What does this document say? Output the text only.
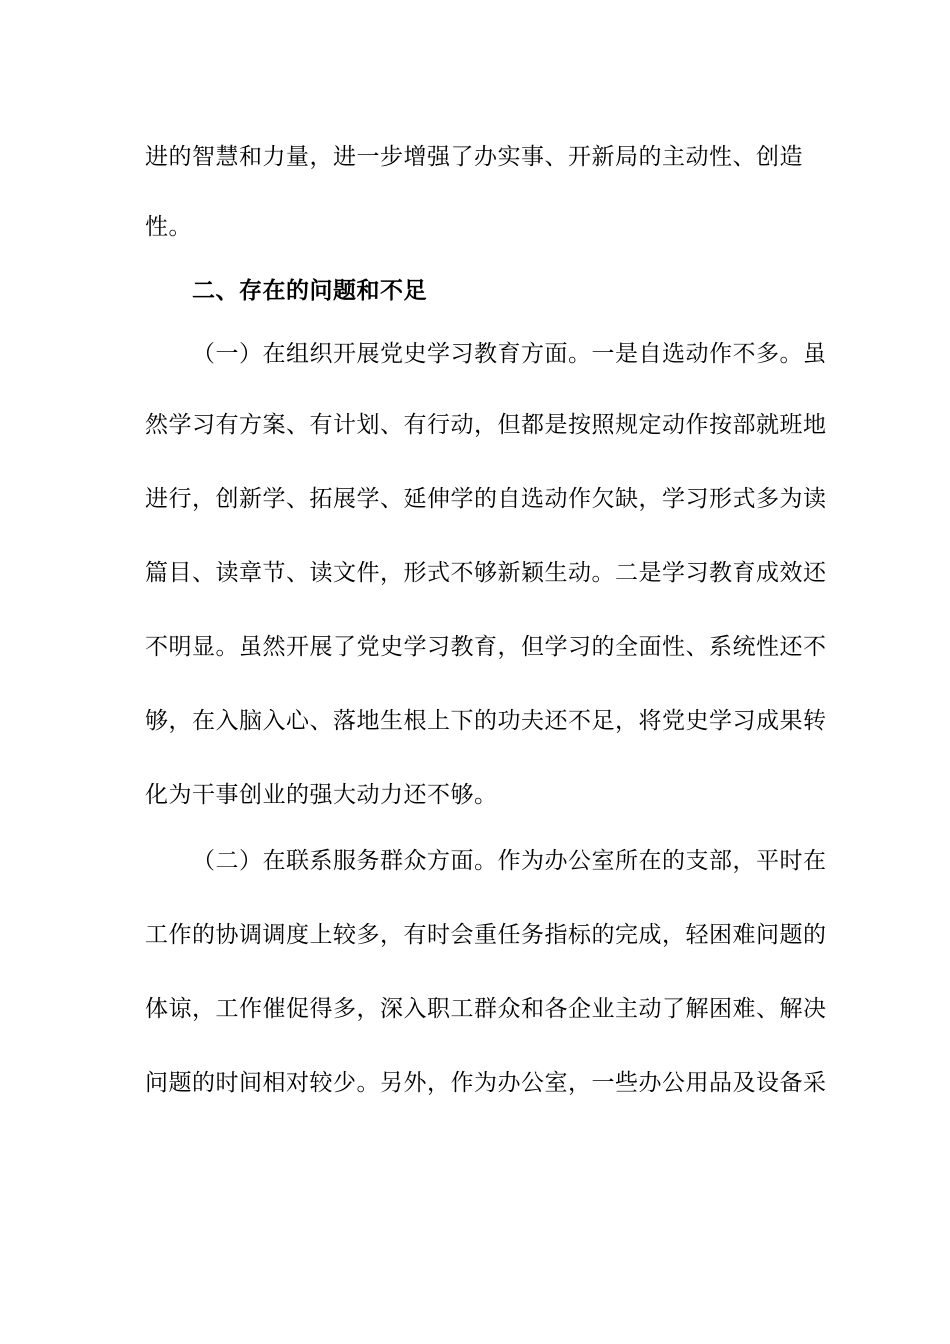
进的智慧和力量，进一步增强了办实事、开新局的主动性、创造
性。
二、存在的问题和不足
（一）在组织开展党史学习教育方面。一是自选动作不多。虽
然学习有方案、有计划、有行动，但都是按照规定动作按部就班地
进行，创新学、拓展学、延伸学的自选动作欠缺，学习形式多为读
篇目、读章节、读文件，形式不够新颖生动。二是学习教育成效还
不明显。虽然开展了党史学习教育，但学习的全面性、系统性还不
够，在入脑入心、落地生根上下的功夫还不足，将党史学习成果转
化为干事创业的强大动力还不够。
（二）在联系服务群众方面。作为办公室所在的支部，平时在
工作的协调调度上较多，有时会重任务指标的完成，轻困难问题的
体谅，工作催促得多，深入职工群众和各企业主动了解困难、解决
问题的时间相对较少。另外，作为办公室，一些办公用品及设备采
